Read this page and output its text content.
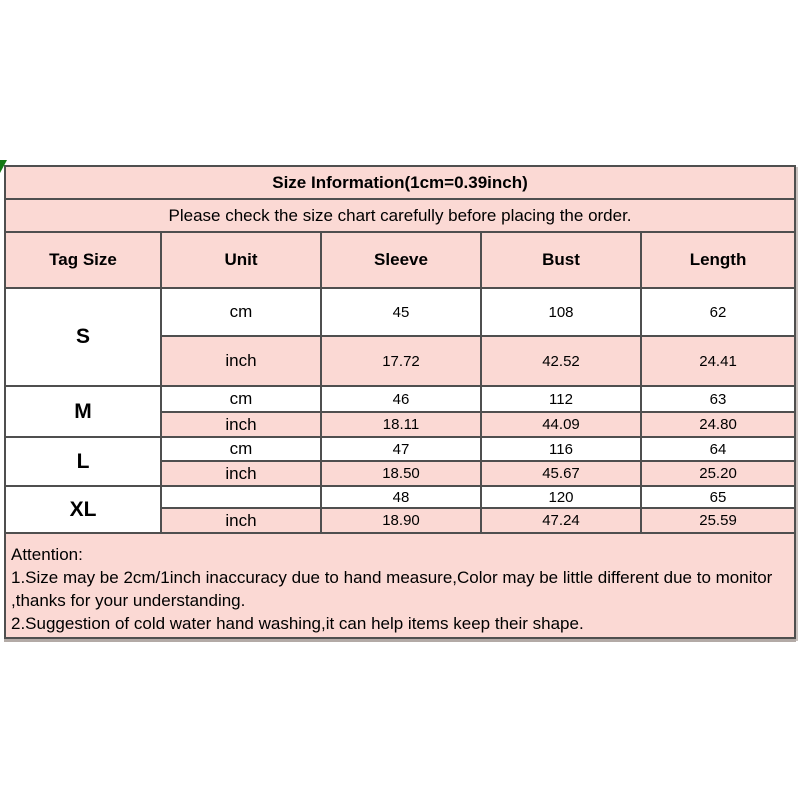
Size Information(1cm=0.39inch)				
Please check the size chart carefully before placing the order.				
Tag Size	Unit	Sleeve	Bust	Length
S	cm	45	108	62
	inch	17.72	42.52	24.41
M	cm	46	112	63
	inch	18.11	44.09	24.80
L	cm	47	116	64
	inch	18.50	45.67	25.20
XL		48	120	65
	inch	18.90	47.24	25.59

Attention:
1.Size may be 2cm/1inch inaccuracy due to hand measure,Color may be little different due to monitor
,thanks for your understanding.
2.Suggestion of cold water hand washing,it can help items keep their shape.				
